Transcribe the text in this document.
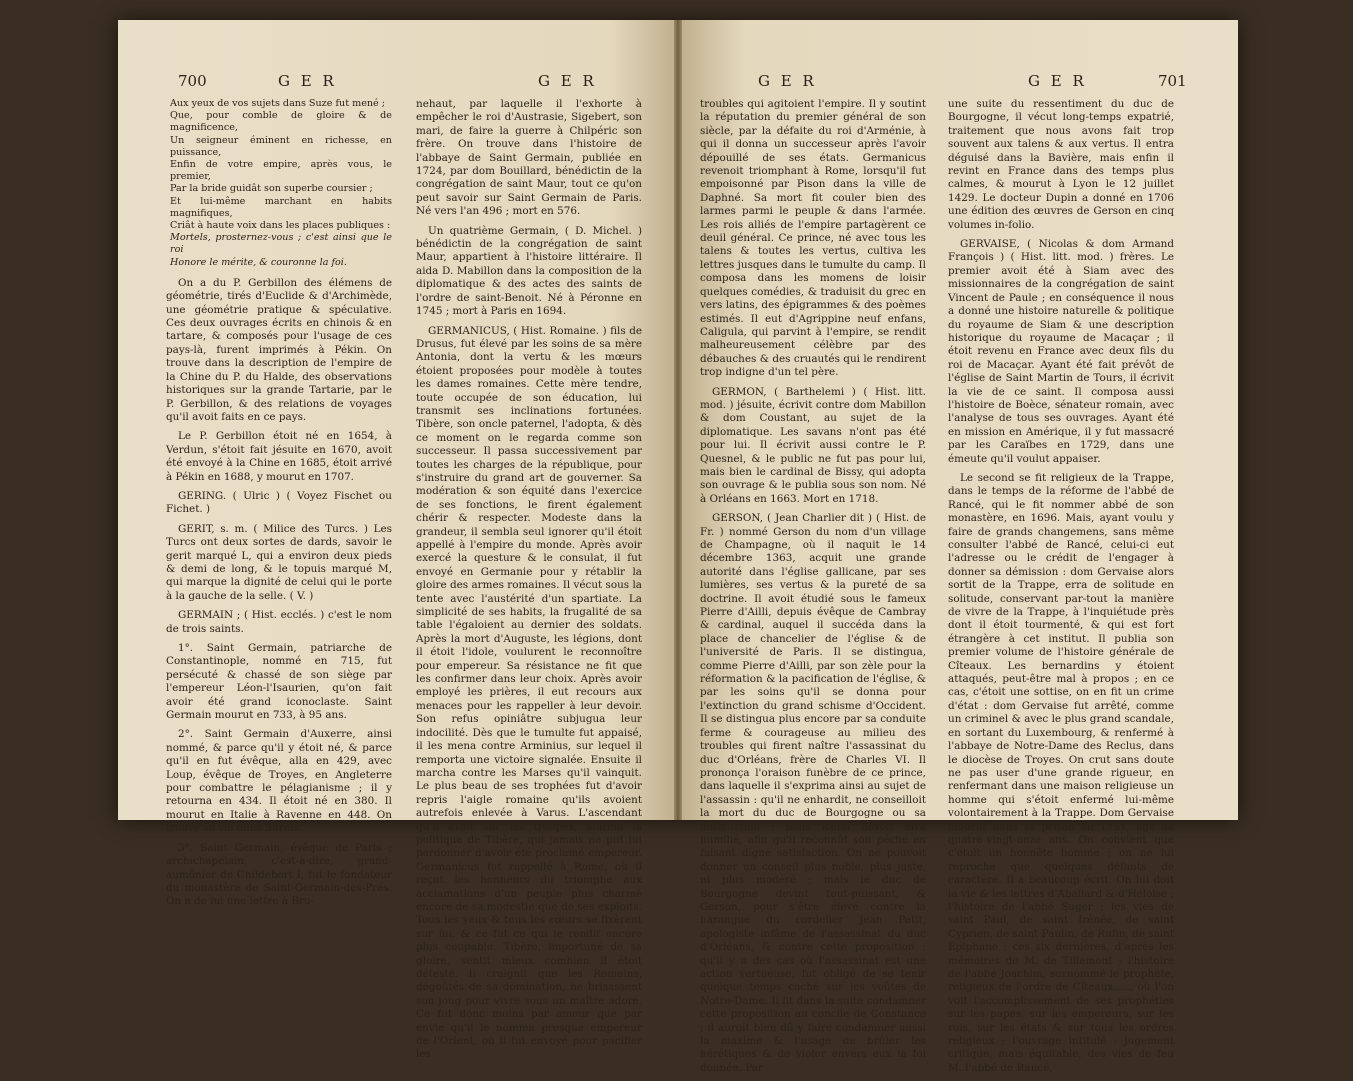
700	G E R	G E R
Aux yeux de vos sujets dans Suze fut mené ;
Que, pour comble de gloire & de magnificence,
Un seigneur éminent en richesse, en puissance,
Enfin de votre empire, après vous, le premier,
Par la bride guidât son superbe coursier ;
Et lui-même marchant en habits magnifiques,
Criât à haute voix dans les places publiques :
Mortels, prosternez-vous ; c'est ainsi que le roi
Honore le mérite, & couronne la foi.

On a du P. Gerbillon des élémens de géométrie, tirés d'Euclide & d'Archimède, une géométrie pratique & spéculative. Ces deux ouvrages écrits en chinois & en tartare, & composés pour l'usage de ces pays-là, furent imprimés à Pékin. On trouve dans la description de l'empire de la Chine du P. du Halde, des observations historiques sur la grande Tartarie, par le P. Gerbillon, & des relations de voyages qu'il avoit faits en ce pays.

Le P. Gerbillon étoit né en 1654, à Verdun, s'étoit fait jésuite en 1670, avoit été envoyé à la Chine en 1685, étoit arrivé à Pékin en 1688, y mourut en 1707.

GERING. ( Ulric ) ( Voyez Fischet ou Fichet. )

GERIT, s. m. ( Milice des Turcs. ) Les Turcs ont deux sortes de dards, savoir le gerit marqué L, qui a environ deux pieds & demi de long, & le topuis marqué M, qui marque la dignité de celui qui le porte à la gauche de la selle. ( V. )

GERMAIN ; ( Hist. ecclés. ) c'est le nom de trois saints.

1°. Saint Germain, patriarche de Constantinople, nommé en 715, fut persécuté & chassé de son siège par l'empereur Léon-l'Isaurien, qu'on fait avoir été grand iconoclaste. Saint Germain mourut en 733, à 95 ans.

2°. Saint Germain d'Auxerre, ainsi nommé, & parce qu'il y étoit né, & parce qu'il en fut évêque, alla en 429, avec Loup, évêque de Troyes, en Angleterre pour combattre le pélagianisme ; il y retourna en 434. Il étoit né en 380. Il mourut en Italie à Ravenne en 448. On trouve sa vie dans Surius.

3°. Saint Germain, évêque de Paris ; archichapelain, c'est-à-dire, grand-aumônier de Childebert I, fut le fondateur du monastère de Saint-Germain-des-Prés. On a de lui une lettre à Bru-

nehaut, par laquelle il l'exhorte à empêcher le roi d'Austrasie, Sigebert, son mari, de faire la guerre à Chilpéric son frère. On trouve dans l'histoire de l'abbaye de Saint Germain, publiée en 1724, par dom Bouillard, bénédictin de la congrégation de saint Maur, tout ce qu'on peut savoir sur Saint Germain de Paris. Né vers l'an 496 ; mort en 576.

Un quatrième Germain, ( D. Michel. ) bénédictin de la congrégation de saint Maur, appartient à l'histoire littéraire. Il aida D. Mabillon dans la composition de la diplomatique & des actes des saints de l'ordre de saint-Benoit. Né à Péronne en 1745 ; mort à Paris en 1694.

GERMANICUS, ( Hist. Romaine. ) fils de Drusus, fut élevé par les soins de sa mère Antonia, dont la vertu & les mœurs étoient proposées pour modèle à toutes les dames romaines. Cette mère tendre, toute occupée de son éducation, lui transmit ses inclinations fortunées. Tibère, son oncle paternel, l'adopta, & dès ce moment on le regarda comme son successeur. Il passa successivement par toutes les charges de la république, pour s'instruire du grand art de gouverner. Sa modération & son équité dans l'exercice de ses fonctions, le firent également chérir & respecter. Modeste dans la grandeur, il sembla seul ignorer qu'il étoit appellé à l'empire du monde. Après avoir exercé la questure & le consulat, il fut envoyé en Germanie pour y rétablir la gloire des armes romaines. Il vécut sous la tente avec l'austérité d'un spartiate. La simplicité de ses habits, la frugalité de sa table l'égaloient au dernier des soldats. Après la mort d'Auguste, les légions, dont il étoit l'idole, voulurent le reconnoître pour empereur. Sa résistance ne fit que les confirmer dans leur choix. Après avoir employé les prières, il eut recours aux menaces pour les rappeller à leur devoir. Son refus opiniâtre subjugua leur indocilité. Dès que le tumulte fut appaisé, il les mena contre Arminius, sur lequel il remporta une victoire signalée. Ensuite il marcha contre les Marses qu'il vainquit. Le plus beau de ses trophées fut d'avoir repris l'aigle romaine qu'ils avoient autrefois enlevée à Varus. L'ascendant qu'il avoit sur les troupes, alarma la politique de Tibère, qui jamais ne put lui pardonner d'avoir été proclamé empereur. Germanicus fut rappellé à Rome, où il reçut les honneurs du triomphe aux acclamations d'un peuple plus charmé encore de sa modestie que de ses exploits. Tous les yeux & tous les cœurs se fixèrent sur lui, & ce fut ce qui le rendit encore plus coupable. Tibère, importuné de sa gloire, sentit mieux combien il étoit détesté. Il craignit que les Romains, dégoûtés de sa domination, ne brisassent son joug pour vivre sous un maître adoré. Ce fut donc moins par amour que par envie qu'il le nomma presque empereur de l'Orient, où il fut envoyé pour pacifier les

G E R	G E R	701

troubles qui agitoient l'empire. Il y soutint la réputation du premier général de son siècle, par la défaite du roi d'Arménie, à qui il donna un successeur après l'avoir dépouillé de ses états. Germanicus revenoit triomphant à Rome, lorsqu'il fut empoisonné par Pison dans la ville de Daphné. Sa mort fit couler bien des larmes parmi le peuple & dans l'armée. Les rois alliés de l'empire partagèrent ce deuil général. Ce prince, né avec tous les talens & toutes les vertus, cultiva les lettres jusques dans le tumulte du camp. Il composa dans les momens de loisir quelques comédies, & traduisit du grec en vers latins, des épigrammes & des poèmes estimés. Il eut d'Agrippine neuf enfans, Caligula, qui parvint à l'empire, se rendit malheureusement célèbre par des débauches & des cruautés qui le rendirent trop indigne d'un tel père.

GERMON, ( Barthelemi ) ( Hist. litt. mod. ) jésuite, écrivit contre dom Mabillon & dom Coustant, au sujet de la diplomatique. Les savans n'ont pas été pour lui. Il écrivit aussi contre le P. Quesnel, & le public ne fut pas pour lui, mais bien le cardinal de Bissy, qui adopta son ouvrage & le publia sous son nom. Né à Orléans en 1663. Mort en 1718.

GERSON, ( Jean Charlier dit ) ( Hist. de Fr. ) nommé Gerson du nom d'un village de Champagne, où il naquit le 14 décembre 1363, acquit une grande autorité dans l'église gallicane, par ses lumières, ses vertus & la pureté de sa doctrine. Il avoit étudié sous le fameux Pierre d'Ailli, depuis évêque de Cambray & cardinal, auquel il succéda dans la place de chancelier de l'église & de l'université de Paris. Il se distingua, comme Pierre d'Ailli, par son zèle pour la réformation & la pacification de l'église, & par les soins qu'il se donna pour l'extinction du grand schisme d'Occident. Il se distingua plus encore par sa conduite ferme & courageuse au milieu des troubles qui firent naître l'assassinat du duc d'Orléans, frère de Charles VI. Il prononça l'oraison funèbre de ce prince, dans laquelle il s'exprima ainsi au sujet de l'assassin : qu'il ne enhardit, ne conseilloit la mort du duc de Bourgogne ou sa destruction ; mais icelui devoit être humilié, afin qu'il reconnût son péché en faisant digne satisfaction. On ne pouvoit donner un conseil plus noble, plus juste, ni plus modéré ; mais le duc de Bourgogne devint tout-puissant, & Gerson, pour s'être élevé contre la harangue du cordelier Jean Petit, apologiste infâme de l'assassinat du duc d'Orléans, & contre cette proposition : qu'il y a des cas où l'assassinat est une action vertueuse, fut obligé de se tenir quelque temps caché sur les voûtes de Notre-Dame. Il fit dans la suite condamner cette proposition au concile de Constance ; il auroit bien dû y faire condamner aussi la maxime & l'usage de brûler les hérétiques & de violer envers eux la foi donnée. Par

une suite du ressentiment du duc de Bourgogne, il vécut long-temps expatrié, traitement que nous avons fait trop souvent aux talens & aux vertus. Il entra déguisé dans la Bavière, mais enfin il revint en France dans des temps plus calmes, & mourut à Lyon le 12 juillet 1429. Le docteur Dupin a donné en 1706 une édition des œuvres de Gerson en cinq volumes in-folio.

GERVAISE, ( Nicolas & dom Armand François ) ( Hist. litt. mod. ) frères. Le premier avoit été à Siam avec des missionnaires de la congrégation de saint Vincent de Paule ; en conséquence il nous a donné une histoire naturelle & politique du royaume de Siam & une description historique du royaume de Macaçar ; il étoit revenu en France avec deux fils du roi de Macaçar. Ayant été fait prévôt de l'église de Saint Martin de Tours, il écrivit la vie de ce saint. Il composa aussi l'histoire de Boèce, sénateur romain, avec l'analyse de tous ses ouvrages. Ayant été en mission en Amérique, il y fut massacré par les Caraïbes en 1729, dans une émeute qu'il voulut appaiser.

Le second se fit religieux de la Trappe, dans le temps de la réforme de l'abbé de Rancé, qui le fit nommer abbé de son monastère, en 1696. Mais, ayant voulu y faire de grands changemens, sans même consulter l'abbé de Rancé, celui-ci eut l'adresse ou le crédit de l'engager à donner sa démission : dom Gervaise alors sortit de la Trappe, erra de solitude en solitude, conservant par-tout la manière de vivre de la Trappe, à l'inquiétude près dont il étoit tourmenté, & qui est fort étrangère à cet institut. Il publia son premier volume de l'histoire générale de Cîteaux. Les bernardins y étoient attaqués, peut-être mal à propos ; en ce cas, c'étoit une sottise, on en fit un crime d'état : dom Gervaise fut arrêté, comme un criminel & avec le plus grand scandale, en sortant du Luxembourg, & renfermé à l'abbaye de Notre-Dame des Reclus, dans le diocèse de Troyes. On crut sans doute ne pas user d'une grande rigueur, en renfermant dans une maison religieuse un homme qui s'étoit enfermé lui-même volontairement à la Trappe. Dom Gervaise mourut dans sa prison en 1751, âgé de quatre-vingt-onze ans. On convient que c'étoit un honnête homme ; on ne lui reproche que quelques défauts de caractère. Il a beaucoup écrit. On lui doit la vie & les lettres d'Abailard & d'Héloïse ; l'histoire de l'abbé Suger ; les vies de saint Paul, de saint Irénée, de saint Cyprien, de saint Paulin, de Rufin, de saint Epiphane : ces six dernières, d'après les mémoires de M. de Tillemont ; l'histoire de l'abbé Joachim, surnommé le prophète, religieux de l'ordre de Cîteaux....., où l'on voit l'accomplissement de ses prophéties sur les papes, sur les empereurs, sur les rois, sur les états & sur tous les ordres religieux ; l'ouvrage intitulé : jugement critique, mais équitable, des vies de feu M. l'abbé de Rancé,
